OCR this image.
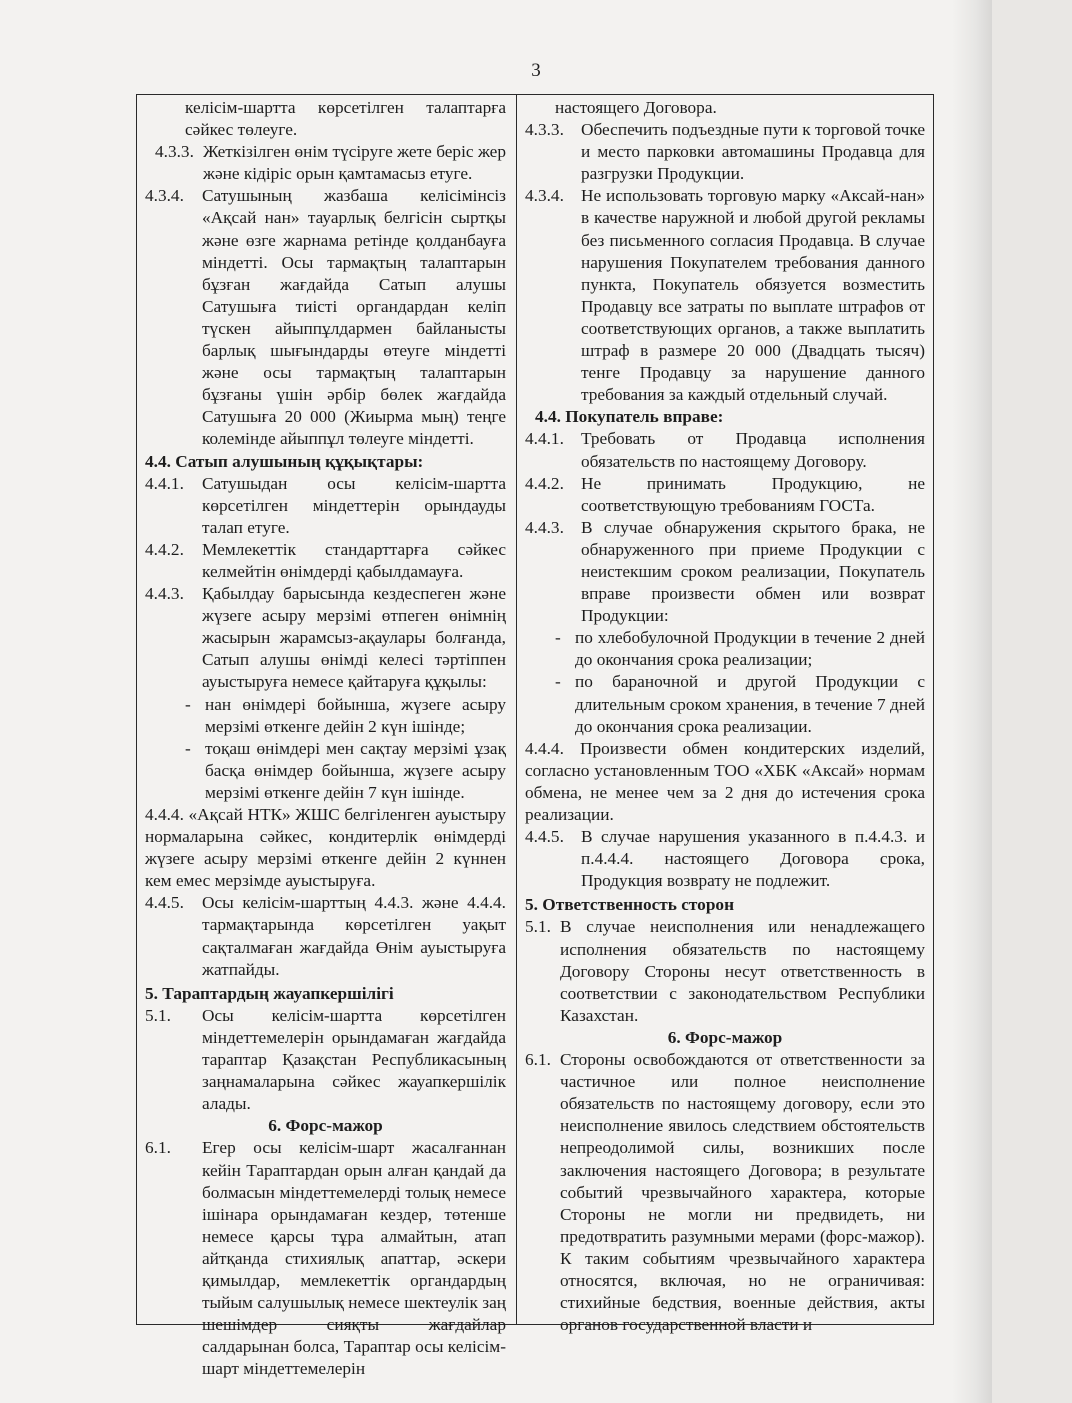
3
келісім-шартта көрсетілген талаптарға сәйкес төлеуге.
4.3.3. Жеткізілген өнім түсіруге жете беріс жер және кідіріс орын қамтамасыз етуге.
4.3.4.	Сатушының жазбаша келісімінсіз «Ақсай нан» тауарлық белгісін сыртқы және өзге жарнама ретінде қолданбауға міндетті. Осы тармақтың талаптарын бұзған жағдайда Сатып алушы Сатушыға тиісті органдардан келіп түскен айыппұлдармен байланысты барлық шығындарды өтеуге міндетті және осы тармақтың талаптарын бұзғаны үшін әрбір бөлек жағдайда Сатушыға 20 000 (Жиырма мың) теңге колемінде айыппұл төлеуге міндетті.
4.4. Сатып алушының құқықтары:
4.4.1.	Сатушыдан осы келісім-шартта көрсетілген міндеттерін орындауды талап етуге.
4.4.2.	Мемлекеттік стандарттарға сәйкес келмейтін өнімдерді қабылдамауға.
4.4.3.	Қабылдау барысында кездеспеген және жүзеге асыру мерзімі өтпеген өнімнің жасырын жарамсыз-ақаулары болғанда, Сатып алушы өнімді келесі тәртіппен ауыстыруға немесе қайтаруға құқылы:
- нан өнімдері бойынша, жүзеге асыру мерзімі өткенге дейін 2 күн ішінде;
- тоқаш өнімдері мен сақтау мерзімі ұзақ басқа өнімдер бойынша, жүзеге асыру мерзімі өткенге дейін 7 күн ішінде.
4.4.4. «Ақсай НТК» ЖШС белгіленген ауыстыру нормаларына сәйкес, кондитерлік өнімдерді жүзеге асыру мерзімі өткенге дейін 2 күннен кем емес мерзімде ауыстыруға.
4.4.5.	Осы келісім-шарттың 4.4.3. және 4.4.4. тармақтарында көрсетілген уақыт сақталмаған жағдайда Өнім ауыстыруға жатпайды.
5. Тараптардың жауапкершілігі
5.1.	Осы келісім-шартта көрсетілген міндеттемелерін орындамаған жағдайда тараптар Қазақстан Республикасының заңнамаларына сәйкес жауапкершілік алады.
6. Форс-мажор
6.1.	Егер осы келісім-шарт жасалғаннан кейін Тараптардан орын алған қандай да болмасын міндеттемелерді толық немесе ішінара орындамаған кездер, төтенше немесе қарсы тұра алмайтын, атап айтқанда стихиялық апаттар, әскери қимылдар, мемлекеттік органдардың тыйым салушылық немесе шектеулік заң шешімдер сияқты жағдайлар салдарынан болса, Тараптар осы келісім-шарт міндеттемелерін
настоящего Договора.
4.3.3. Обеспечить подъездные пути к торговой точке и место парковки автомашины Продавца для разгрузки Продукции.
4.3.4. Не использовать торговую марку «Аксай-нан» в качестве наружной и любой другой рекламы без письменного согласия Продавца. В случае нарушения Покупателем требования данного пункта, Покупатель обязуется возместить Продавцу все затраты по выплате штрафов от соответствующих органов, а также выплатить штраф в размере 20 000 (Двадцать тысяч) тенге Продавцу за нарушение данного требования за каждый отдельный случай.
4.4. Покупатель вправе:
4.4.1. Требовать от Продавца исполнения обязательств по настоящему Договору.
4.4.2. Не принимать Продукцию, не соответствующую требованиям ГОСТа.
4.4.3. В случае обнаружения скрытого брака, не обнаруженного при приеме Продукции с неистекшим сроком реализации, Покупатель вправе произвести обмен или возврат Продукции:
- по хлебобулочной Продукции в течение 2 дней до окончания срока реализации;
- по бараночной и другой Продукции с длительным сроком хранения, в течение 7 дней до окончания срока реализации.
4.4.4. Произвести обмен кондитерских изделий, согласно установленным ТОО «ХБК «Аксай» нормам обмена, не менее чем за 2 дня до истечения срока реализации.
4.4.5. В случае нарушения указанного в п.4.4.3. и п.4.4.4. настоящего Договора срока, Продукция возврату не подлежит.
5. Ответственность сторон
5.1. В случае неисполнения или ненадлежащего исполнения обязательств по настоящему Договору Стороны несут ответственность в соответствии с законодательством Республики Казахстан.
6. Форс-мажор
6.1. Стороны освобождаются от ответственности за частичное или полное неисполнение обязательств по настоящему договору, если это неисполнение явилось следствием обстоятельств непреодолимой силы, возникших после заключения настоящего Договора; в результате событий чрезвычайного характера, которые Стороны не могли ни предвидеть, ни предотвратить разумными мерами (форс-мажор). К таким событиям чрезвычайного характера относятся, включая, но не ограничивая: стихийные бедствия, военные действия, акты органов государственной власти и
